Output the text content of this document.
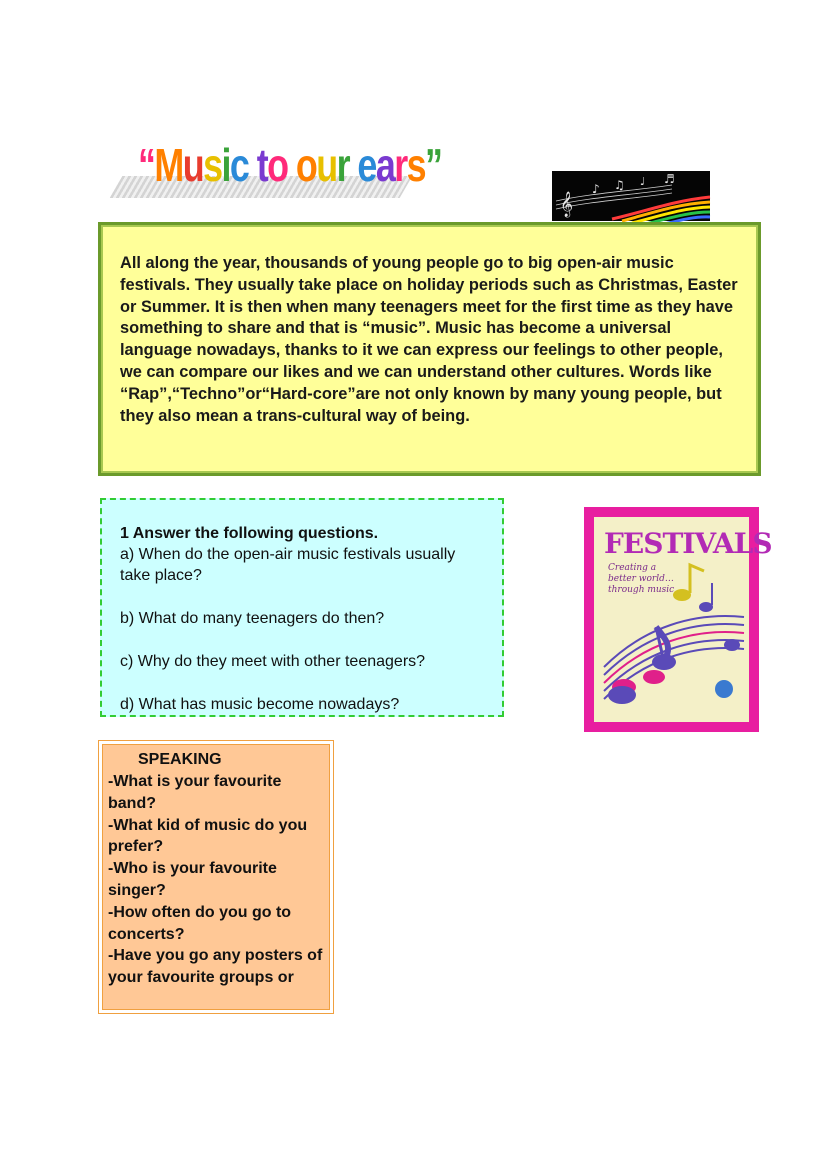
“Music to our ears”
𝄞
♪ ♫ ♩ ♬

All along the year, thousands of young people go to big open-air music festivals. They usually take place on holiday periods such as Christmas, Easter or Summer. It is then when many teenagers meet for the first time as they have something to share and that is “music”. Music has become a universal language nowadays, thanks to it we can express our feelings to other people, we can compare our likes and we can understand other cultures. Words like “Rap”,“Techno”or“Hard-core”are not only known by many young people, but they also mean a trans-cultural way of being.

1 Answer the following questions.
a) When do the open-air music festivals usually take place?
b) What do many teenagers do then?
c) Why do they meet with other teenagers?
d) What has music become nowadays?
FESTIVALS
Creating a better world… through music
SPEAKING
-What is your favourite band?
-What kid of music do you prefer?
-Who is your favourite singer?
-How often do you go to concerts?
-Have you go any posters of your favourite groups or
